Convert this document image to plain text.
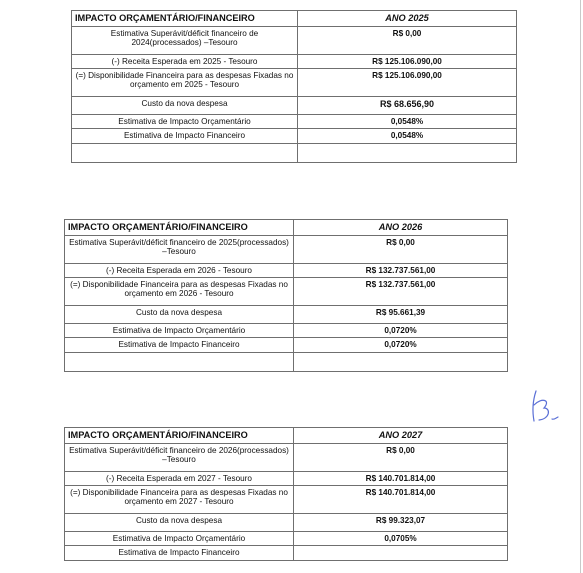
IMPACTO ORÇAMENTÁRIO/FINANCEIRO	ANO 2025
Estimativa Superávit/déficit financeiro de 2024(processados) –Tesouro	R$ 0,00
(-) Receita Esperada em 2025 - Tesouro	R$ 125.106.090,00
(=) Disponibilidade Financeira para as despesas Fixadas no orçamento em 2025 - Tesouro	R$ 125.106.090,00
Custo da nova despesa	R$ 68.656,90
Estimativa de Impacto Orçamentário	0,0548%
Estimativa de Impacto Financeiro	0,0548%

IMPACTO ORÇAMENTÁRIO/FINANCEIRO	ANO 2026
Estimativa Superávit/déficit financeiro de 2025(processados) –Tesouro	R$ 0,00
(-) Receita Esperada em 2026 - Tesouro	R$ 132.737.561,00
(=) Disponibilidade Financeira para as despesas Fixadas no orçamento em 2026 - Tesouro	R$ 132.737.561,00
Custo da nova despesa	R$ 95.661,39
Estimativa de Impacto Orçamentário	0,0720%
Estimativa de Impacto Financeiro	0,0720%

IMPACTO ORÇAMENTÁRIO/FINANCEIRO	ANO 2027
Estimativa Superávit/déficit financeiro de 2026(processados) –Tesouro	R$ 0,00
(-) Receita Esperada em 2027 - Tesouro	R$ 140.701.814,00
(=) Disponibilidade Financeira para as despesas Fixadas no orçamento em 2027 - Tesouro	R$ 140.701.814,00
Custo da nova despesa	R$ 99.323,07
Estimativa de Impacto Orçamentário	0,0705%
Estimativa de Impacto Financeiro	
